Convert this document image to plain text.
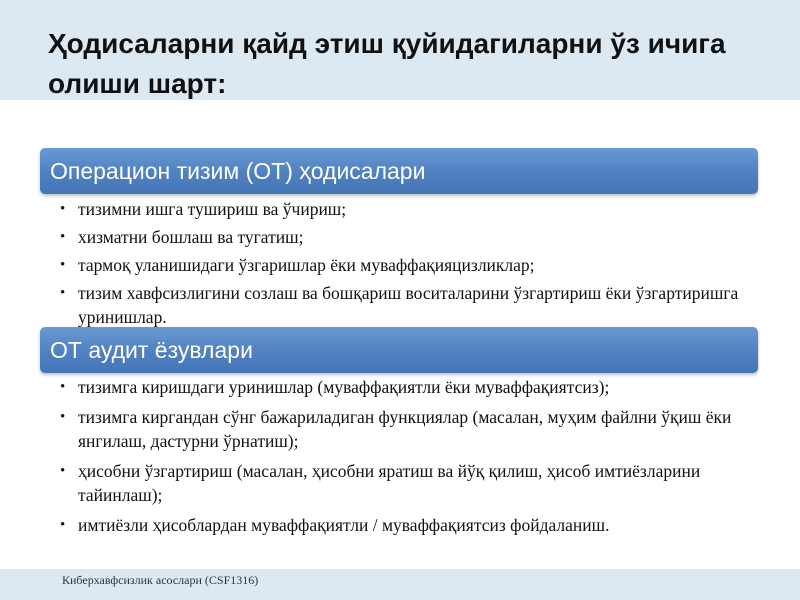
Ҳодисаларни қайд этиш қуйидагиларни ўз ичига олиши шарт:
Операцион тизим (ОТ) ҳодисалари
• тизимни ишга тушириш ва ўчириш;
• хизматни бошлаш ва тугатиш;
• тармоқ уланишидаги ўзгаришлар ёки муваффақияцизликлар;
• тизим хавфсизлигини созлаш ва бошқариш воситаларини ўзгартириш ёки ўзгартиришга уринишлар.
ОТ аудит ёзувлари
• тизимга киришдаги уринишлар (муваффақиятли ёки муваффақиятсиз);
• тизимга киргандан сўнг бажариладиган функциялар (масалан, муҳим файлни ўқиш ёки янгилаш, дастурни ўрнатиш);
• ҳисобни ўзгартириш (масалан, ҳисобни яратиш ва йўқ қилиш, ҳисоб имтиёзларини тайинлаш);
• имтиёзли ҳисоблардан муваффақиятли / муваффақиятсиз фойдаланиш.
Киберхавфсизлик асослари (CSF1316)
